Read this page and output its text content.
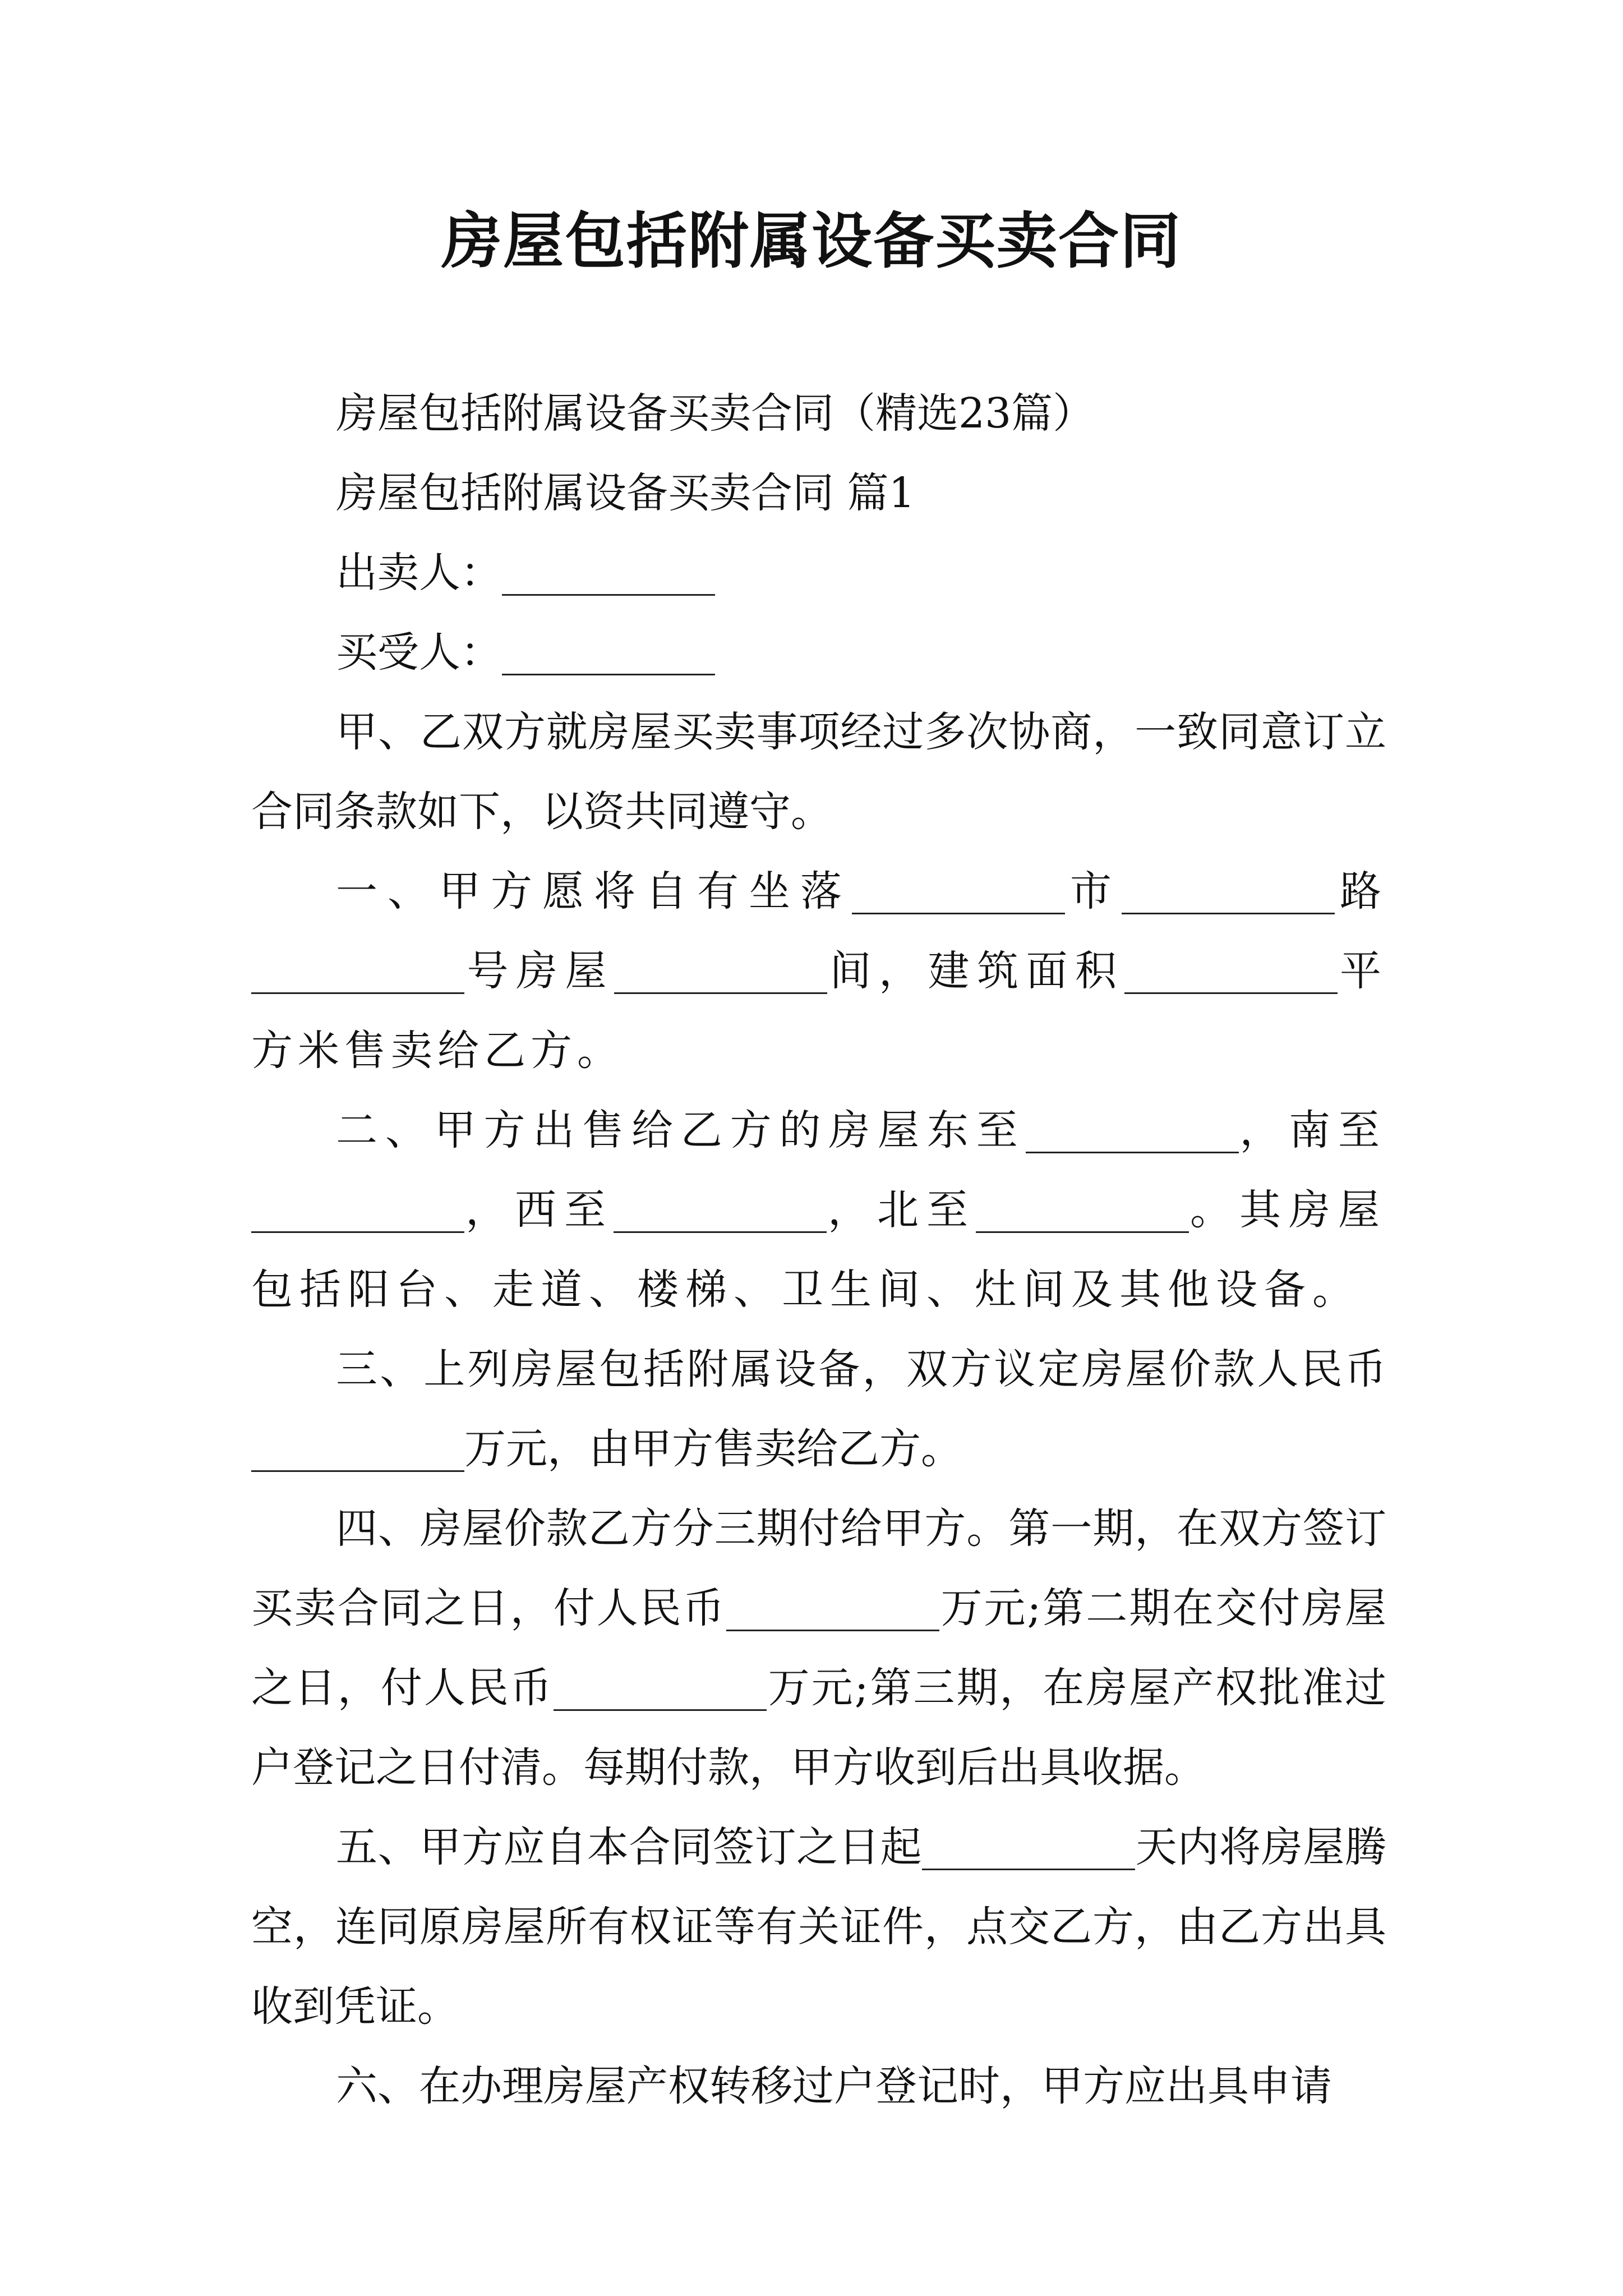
房屋包括附属设备买卖合同

房屋包括附属设备买卖合同（精选23篇）

房屋包括附属设备买卖合同 篇1

出卖人：

买受人：

甲、乙双方就房屋买卖事项经过多次协商，一致同意订立合同条款如下，以资共同遵守。

一、甲方愿将自有坐落	市	路号房屋	间，建筑面积	平方米售卖给乙方。

二、甲方出售给乙方的房屋东至	，南至，西至	，北至	。其房屋包括阳台、走道、楼梯、卫生间、灶间及其他设备。

三、上列房屋包括附属设备，双方议定房屋价款人民币万元，由甲方售卖给乙方。

四、房屋价款乙方分三期付给甲方。第一期，在双方签订买卖合同之日，付人民币	万元;第二期在交付房屋之日，付人民币	万元;第三期，在房屋产权批准过户登记之日付清。每期付款，甲方收到后出具收据。

五、甲方应自本合同签订之日起	天内将房屋腾空，连同原房屋所有权证等有关证件，点交乙方，由乙方出具收到凭证。

六、在办理房屋产权转移过户登记时，甲方应出具申请
